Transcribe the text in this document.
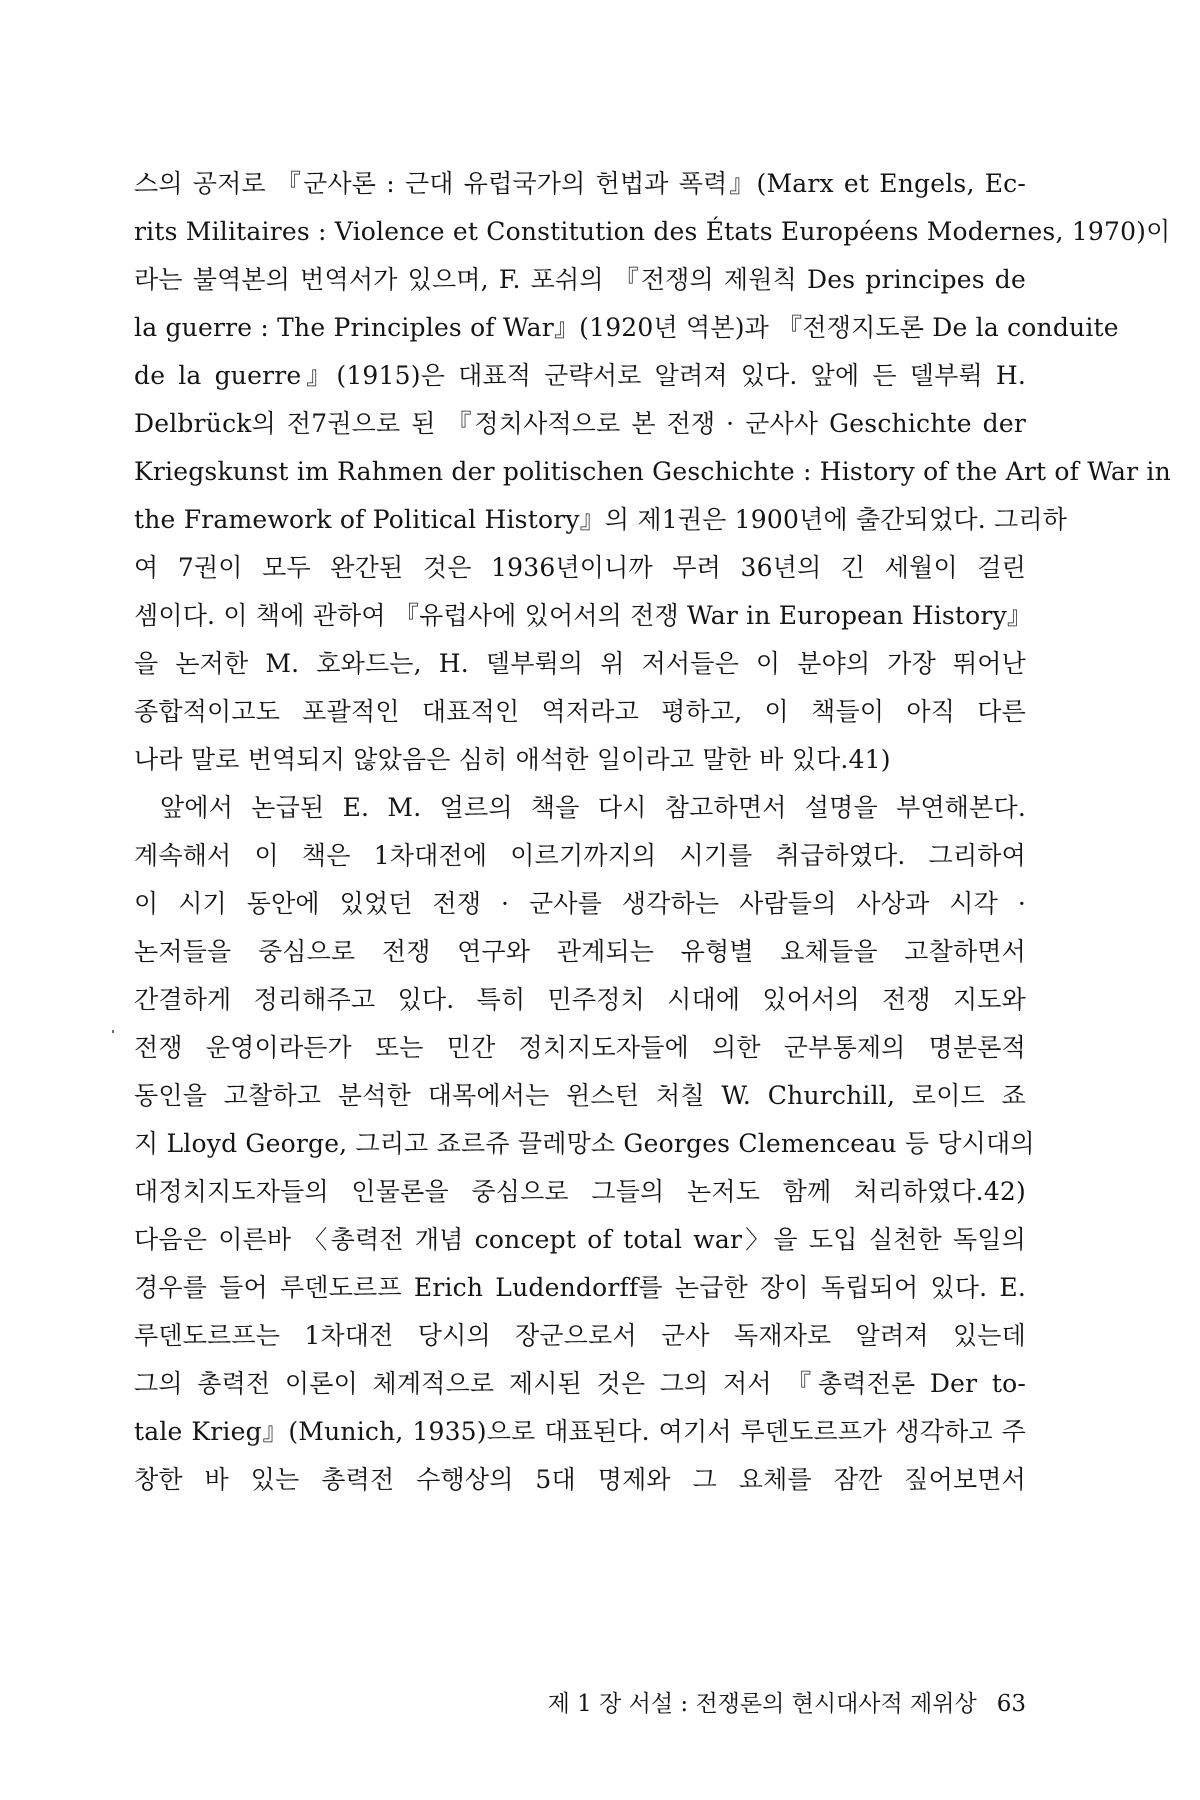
스의 공저로 『군사론 : 근대 유럽국가의 헌법과 폭력』(Marx et Engels, Ec-
rits Militaires : Violence et Constitution des États Européens Modernes, 1970)이
라는 불역본의 번역서가 있으며, F. 포쉬의 『전쟁의 제원칙 Des principes de
la guerre : The Principles of War』(1920년 역본)과 『전쟁지도론 De la conduite
de la guerre』(1915)은 대표적 군략서로 알려져 있다. 앞에 든 델부뤽 H.
Delbrück의 전7권으로 된 『정치사적으로 본 전쟁 · 군사사 Geschichte der
Kriegskunst im Rahmen der politischen Geschichte : History of the Art of War in
the Framework of Political History』의 제1권은 1900년에 출간되었다. 그리하
여 7권이 모두 완간된 것은 1936년이니까 무려 36년의 긴 세월이 걸린
셈이다. 이 책에 관하여 『유럽사에 있어서의 전쟁 War in European History』
을 논저한 M. 호와드는, H. 델부뤽의 위 저서들은 이 분야의 가장 뛰어난
종합적이고도 포괄적인 대표적인 역저라고 평하고, 이 책들이 아직 다른
나라 말로 번역되지 않았음은 심히 애석한 일이라고 말한 바 있다.41)
앞에서 논급된 E. M. 얼르의 책을 다시 참고하면서 설명을 부연해본다.
계속해서 이 책은 1차대전에 이르기까지의 시기를 취급하였다. 그리하여
이 시기 동안에 있었던 전쟁 · 군사를 생각하는 사람들의 사상과 시각 ·
논저들을 중심으로 전쟁 연구와 관계되는 유형별 요체들을 고찰하면서
간결하게 정리해주고 있다. 특히 민주정치 시대에 있어서의 전쟁 지도와
전쟁 운영이라든가 또는 민간 정치지도자들에 의한 군부통제의 명분론적
동인을 고찰하고 분석한 대목에서는 윈스턴 처칠 W. Churchill, 로이드 죠
지 Lloyd George, 그리고 죠르쥬 끌레망소 Georges Clemenceau 등 당시대의
대정치지도자들의 인물론을 중심으로 그들의 논저도 함께 처리하였다.42)
다음은 이른바 〈총력전 개념 concept of total war〉을 도입 실천한 독일의
경우를 들어 루덴도르프 Erich Ludendorff를 논급한 장이 독립되어 있다. E.
루덴도르프는 1차대전 당시의 장군으로서 군사 독재자로 알려져 있는데
그의 총력전 이론이 체계적으로 제시된 것은 그의 저서 『총력전론 Der to-
tale Krieg』(Munich, 1935)으로 대표된다. 여기서 루덴도르프가 생각하고 주
창한 바 있는 총력전 수행상의 5대 명제와 그 요체를 잠깐 짚어보면서
제 1 장 서설 : 전쟁론의 현시대사적 제위상 63
